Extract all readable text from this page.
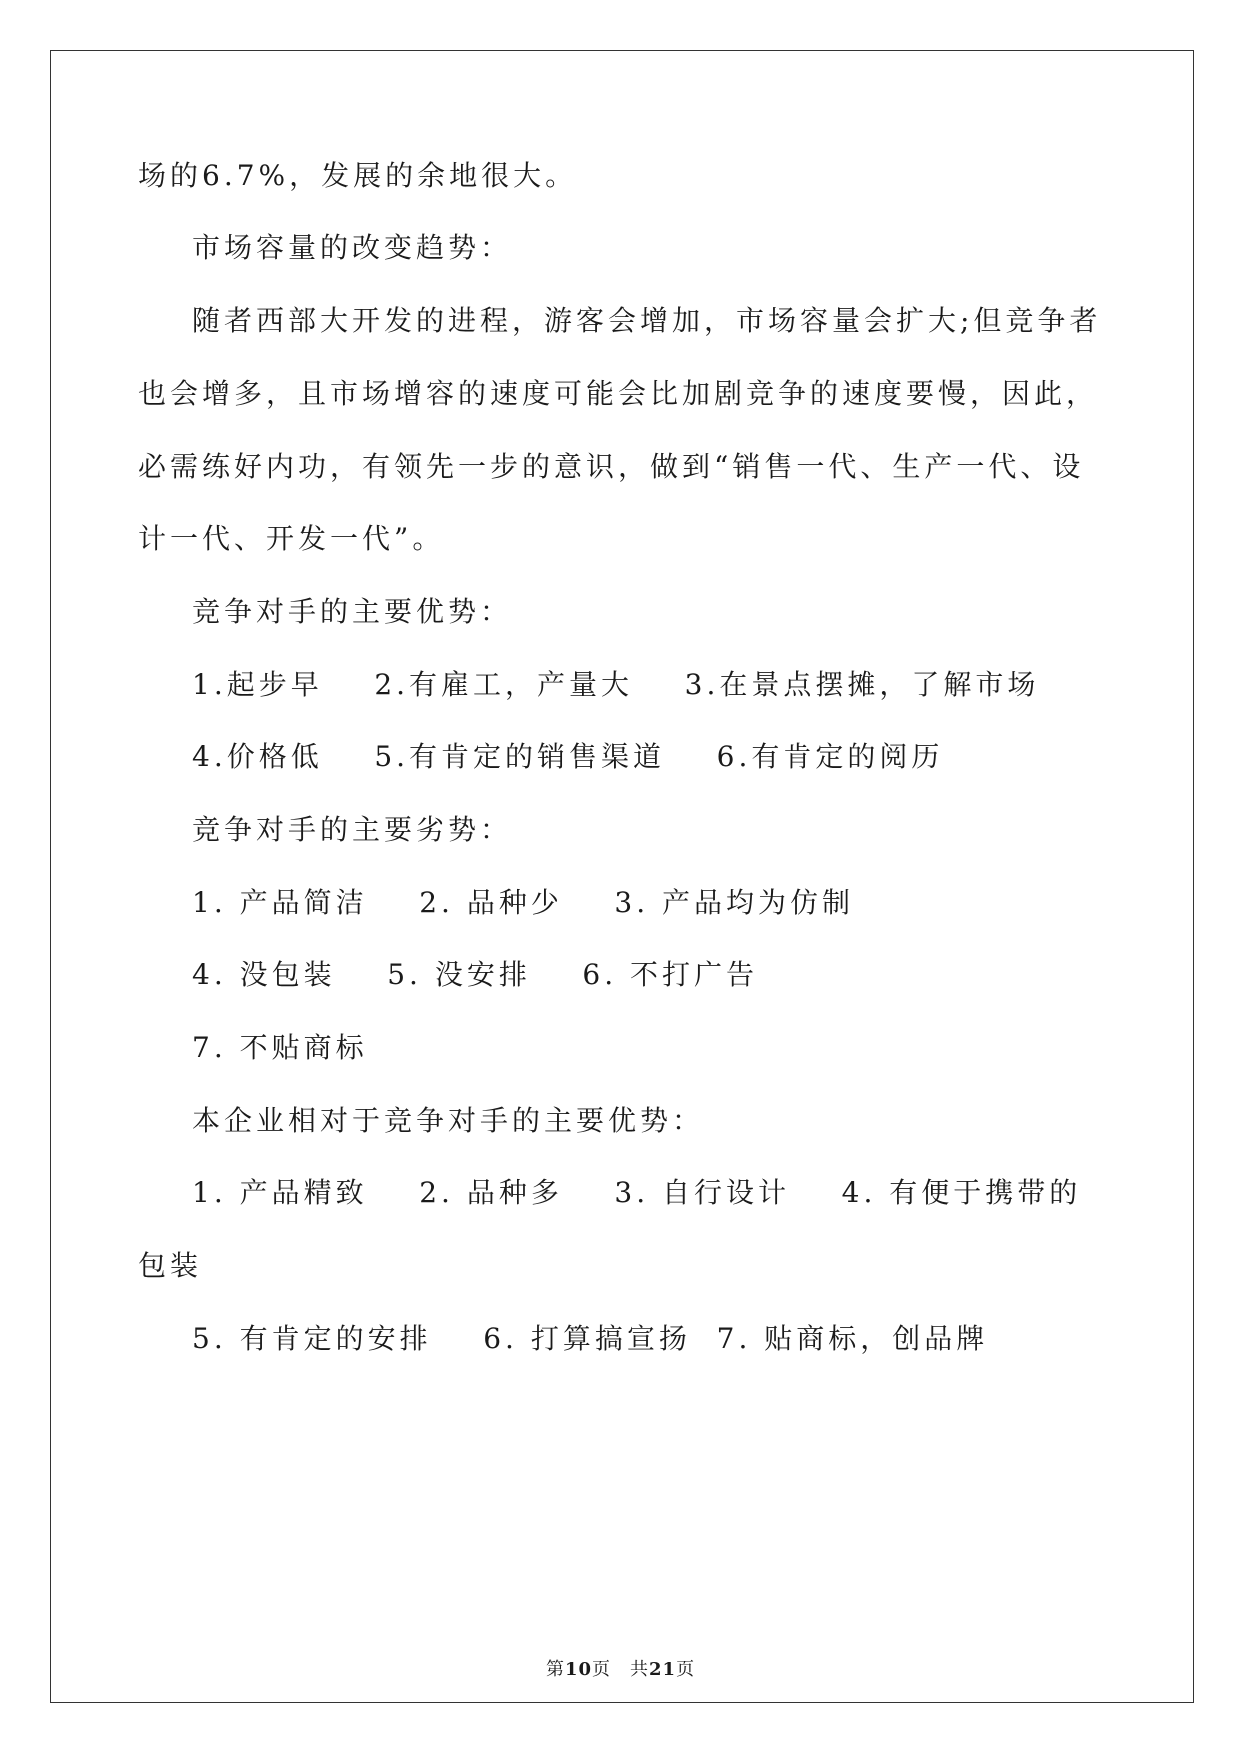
场的6.7%，发展的余地很大。
市场容量的改变趋势：
随者西部大开发的进程，游客会增加，市场容量会扩大;但竞争者
也会增多，且市场增容的速度可能会比加剧竞争的速度要慢，因此，
必需练好内功，有领先一步的意识，做到“销售一代、生产一代、设
计一代、开发一代”。
竞争对手的主要优势：
1.起步早    2.有雇工，产量大    3.在景点摆摊，了解市场
4.价格低    5.有肯定的销售渠道    6.有肯定的阅历
竞争对手的主要劣势：
1. 产品简洁    2. 品种少    3. 产品均为仿制
4. 没包装    5. 没安排    6. 不打广告
7. 不贴商标
本企业相对于竞争对手的主要优势：
1. 产品精致    2. 品种多    3. 自行设计    4. 有便于携带的
包装
5. 有肯定的安排    6. 打算搞宣扬  7. 贴商标，创品牌
第10页　共21页
